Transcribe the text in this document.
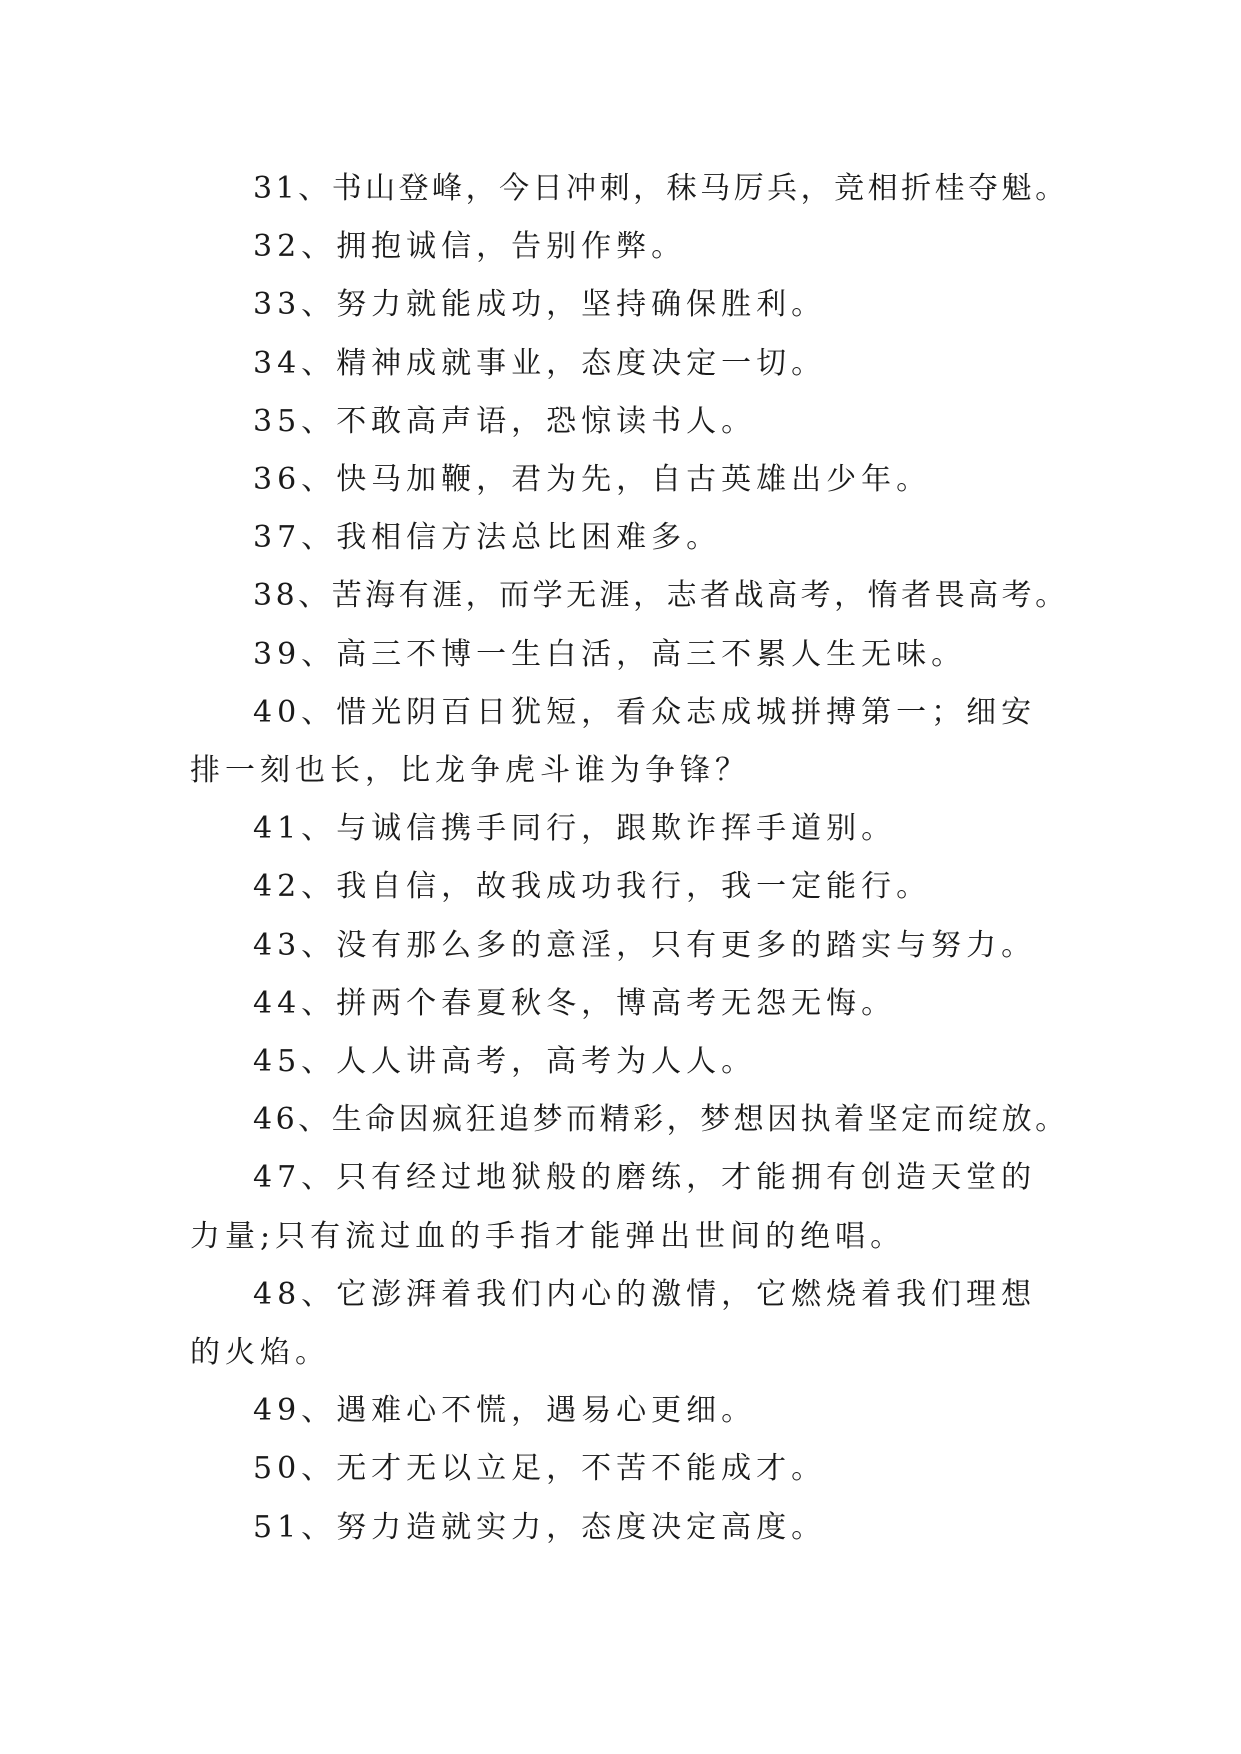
31、书山登峰，今日冲刺，秣马厉兵，竞相折桂夺魁。

32、拥抱诚信，告别作弊。

33、努力就能成功，坚持确保胜利。

34、精神成就事业，态度决定一切。

35、不敢高声语，恐惊读书人。

36、快马加鞭，君为先，自古英雄出少年。

37、我相信方法总比困难多。

38、苦海有涯，而学无涯，志者战高考，惰者畏高考。

39、高三不博一生白活，高三不累人生无味。

40、惜光阴百日犹短，看众志成城拼搏第一；细安排一刻也长，比龙争虎斗谁为争锋？

41、与诚信携手同行，跟欺诈挥手道别。

42、我自信，故我成功我行，我一定能行。

43、没有那么多的意淫，只有更多的踏实与努力。

44、拼两个春夏秋冬，博高考无怨无悔。

45、人人讲高考，高考为人人。

46、生命因疯狂追梦而精彩，梦想因执着坚定而绽放。

47、只有经过地狱般的磨练，才能拥有创造天堂的力量;只有流过血的手指才能弹出世间的绝唱。

48、它澎湃着我们内心的激情，它燃烧着我们理想的火焰。

49、遇难心不慌，遇易心更细。

50、无才无以立足，不苦不能成才。

51、努力造就实力，态度决定高度。
